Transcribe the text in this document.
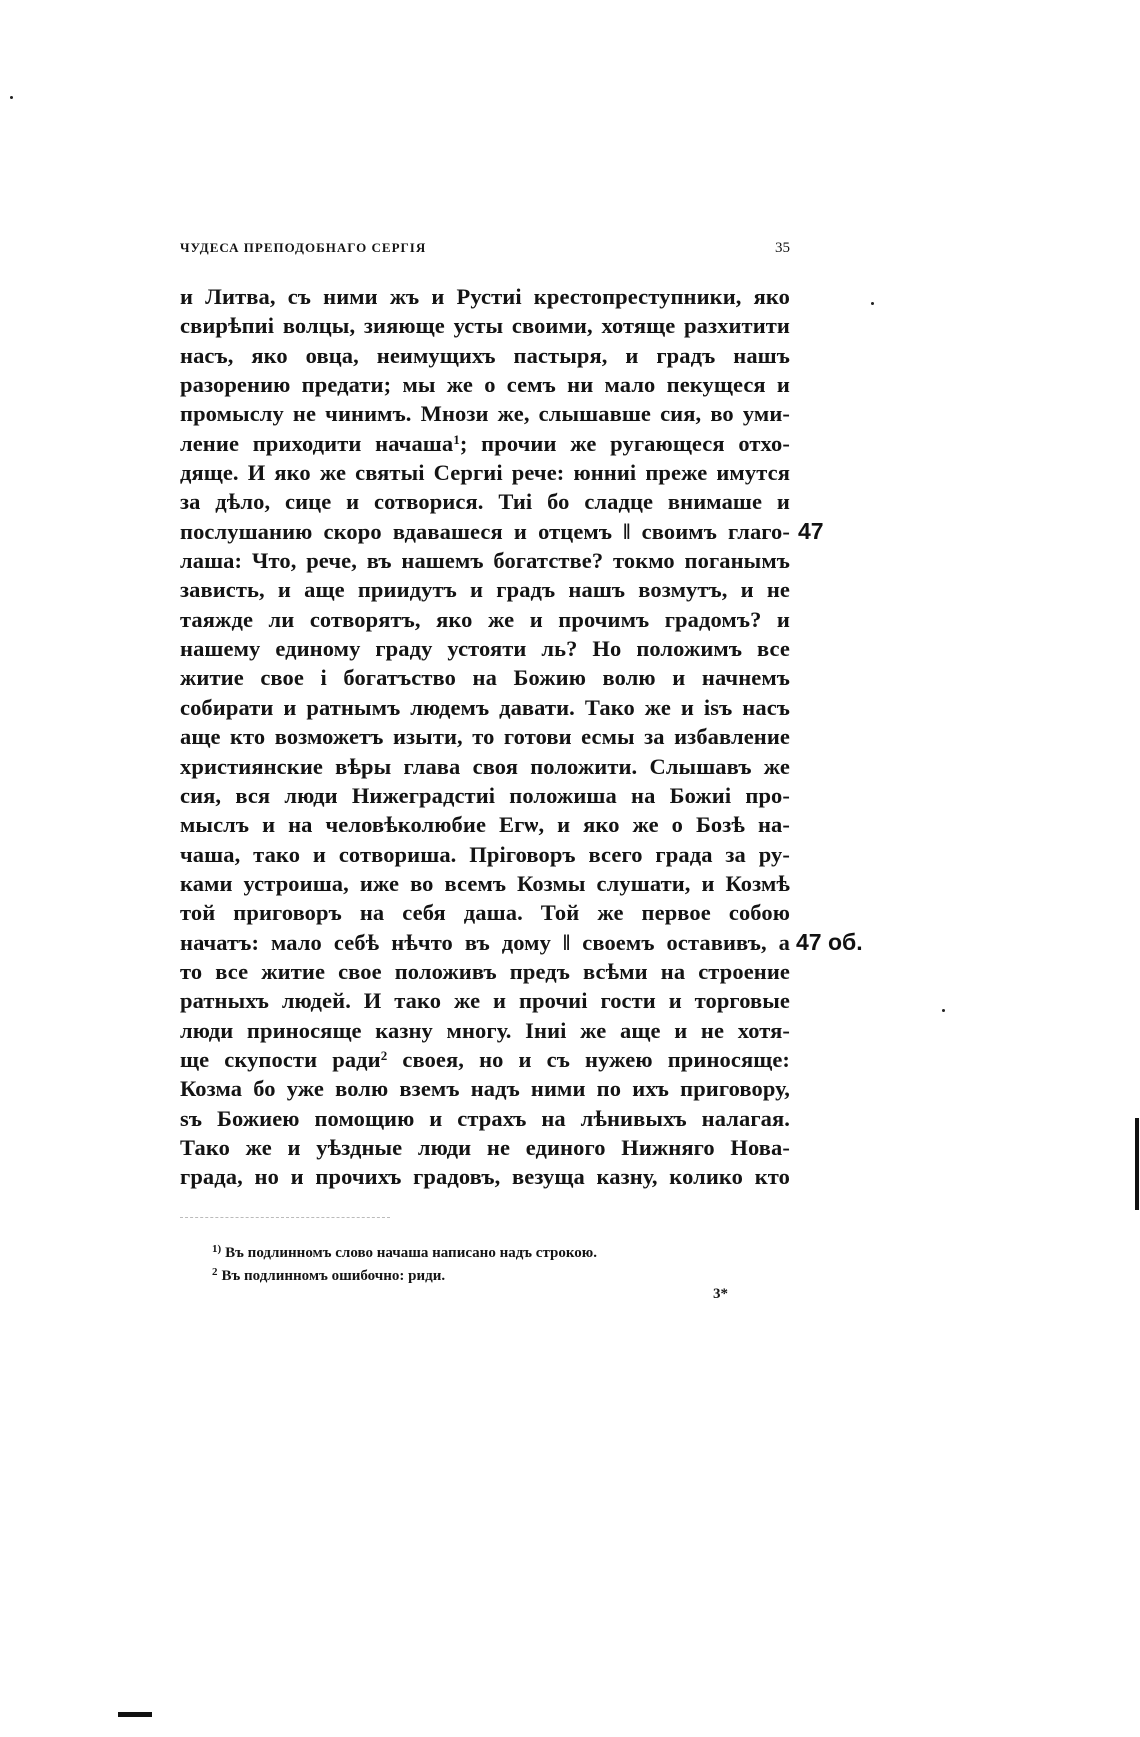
ЧУДЕСА ПРЕПОДОБНАГО СЕРГІЯ	35
и Литва, съ ними жъ и Рустиі крестопреступники, яко
свирѣпиі волцы, зияюще усты своими, хотяще разхитити
насъ, яко овца, неимущихъ пастыря, и градъ нашъ
разорению предати; мы же о семъ ни мало пекущеся и
промыслу не чинимъ. Мнози же, слышавше сия, во уми-
ление приходити начаша$^1$; прочии же ругающеся отхо-
дяще. И яко же святыі Сергиі рече: юнниі преже имутся
за дѣло, сице и сотворися. Тиі бо сладце внимаше и
послушанию скоро вдавашеся и отцемъ ‖ своимъ глаго-
лаша: Что, рече, въ нашемъ богатстве? токмо поганымъ
зависть, и аще приидутъ и градъ нашъ возмутъ, и не
таяжде ли сотворятъ, яко же и прочимъ градомъ? и
нашему единому граду устояти ль? Но положимъ все
житие свое і богатъство на Божию волю и начнемъ
собирати и ратнымъ людемъ давати. Тако же и іѕъ насъ
аще кто возможетъ изыти, то готови есмы за избавление
християнские вѣры глава своя положити. Слышавъ же
сия, вся люди Нижеградстиі положиша на Божиі про-
мыслъ и на человѣколюбие Егѡ, и яко же о Бозѣ на-
чаша, тако и сотвориша. Прiговоръ всего града за ру-
ками устроиша, иже во всемъ Козмы слушати, и Козмѣ
той приговоръ на себя даша. Той же первое собою
начатъ: мало себѣ нѣчто въ дому ‖ своемъ оставивъ, а
то все житие свое положивъ предъ всѣми на строение
ратныхъ людей. И тако же и прочиі гости и торговые
люди приносяще казну многу. Iниі же аще и не хотя-
ще скупости ради$^2$ своея, но и съ нужею приносяще:
Козма бо уже волю вземъ надъ ними по ихъ приговору,
ѕъ Божиею помощию и страхъ на лѣнивыхъ налагая.
Тако же и уѣздные люди не единого Нижняго Нова-
града, но и прочихъ градовъ, везуща казну, колико кто
47
47 об.
$^{1)}$ Въ подлинномъ слово начаша написано надъ строкою.
$^2$ Въ подлинномъ ошибочно: риди.
3*
